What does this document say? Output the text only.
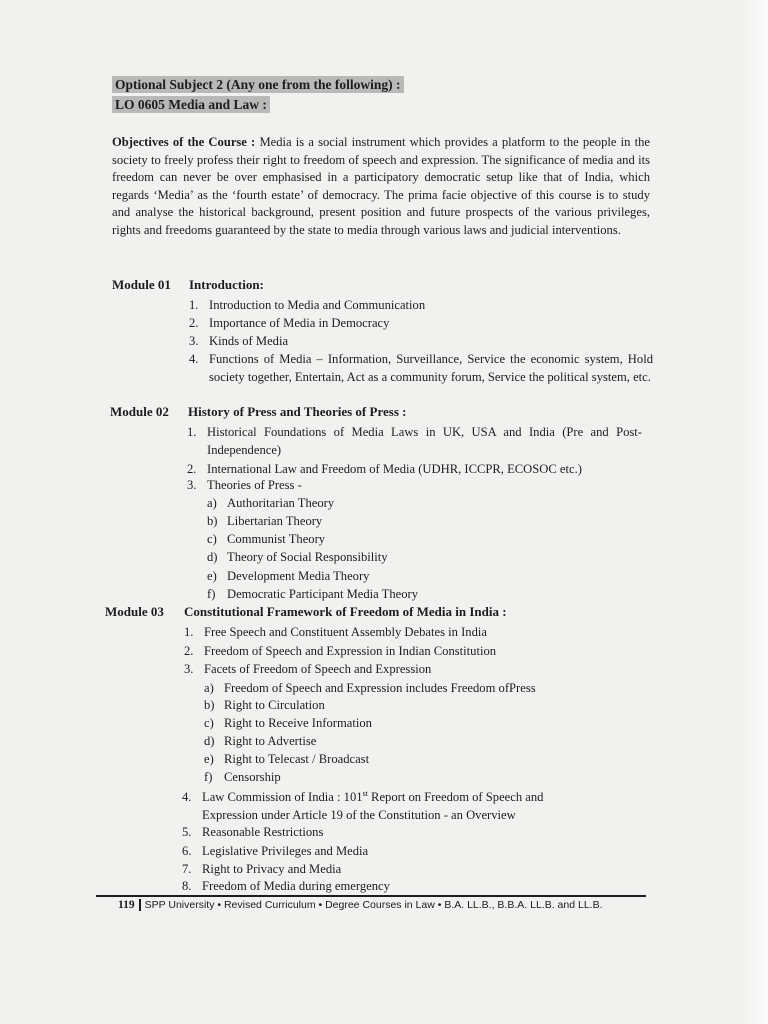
Optional Subject 2 (Any one from the following) :
LO 0605 Media and Law :
Objectives of the Course : Media is a social instrument which provides a platform to the people in the society to freely profess their right to freedom of speech and expression. The significance of media and its freedom can never be over emphasised in a participatory democratic setup like that of India, which regards ‘Media’ as the ‘fourth estate’ of democracy. The prima facie objective of this course is to study and analyse the historical background, present position and future prospects of the various privileges, rights and freedoms guaranteed by the state to media through various laws and judicial interventions.
Module 01 Introduction:
1. Introduction to Media and Communication
2. Importance of Media in Democracy
3. Kinds of Media
4. Functions of Media – Information, Surveillance, Service the economic system, Hold society together, Entertain, Act as a community forum, Service the political system, etc.
Module 02 History of Press and Theories of Press :
1. Historical Foundations of Media Laws in UK, USA and India (Pre and Post-Independence)
2. International Law and Freedom of Media (UDHR, ICCPR, ECOSOC etc.)
3. Theories of Press -
a) Authoritarian Theory
b) Libertarian Theory
c) Communist Theory
d) Theory of Social Responsibility
e) Development Media Theory
f) Democratic Participant Media Theory
Module 03 Constitutional Framework of Freedom of Media in India :
1. Free Speech and Constituent Assembly Debates in India
2. Freedom of Speech and Expression in Indian Constitution
3. Facets of Freedom of Speech and Expression
a) Freedom of Speech and Expression includes Freedom ofPress
b) Right to Circulation
c) Right to Receive Information
d) Right to Advertise
e) Right to Telecast / Broadcast
f) Censorship
4. Law Commission of India : 101st Report on Freedom of Speech and Expression under Article 19 of the Constitution - an Overview
5. Reasonable Restrictions
6. Legislative Privileges and Media
7. Right to Privacy and Media
8. Freedom of Media during emergency
119 SPP University • Revised Curriculum • Degree Courses in Law • B.A. LL.B., B.B.A. LL.B. and LL.B.
